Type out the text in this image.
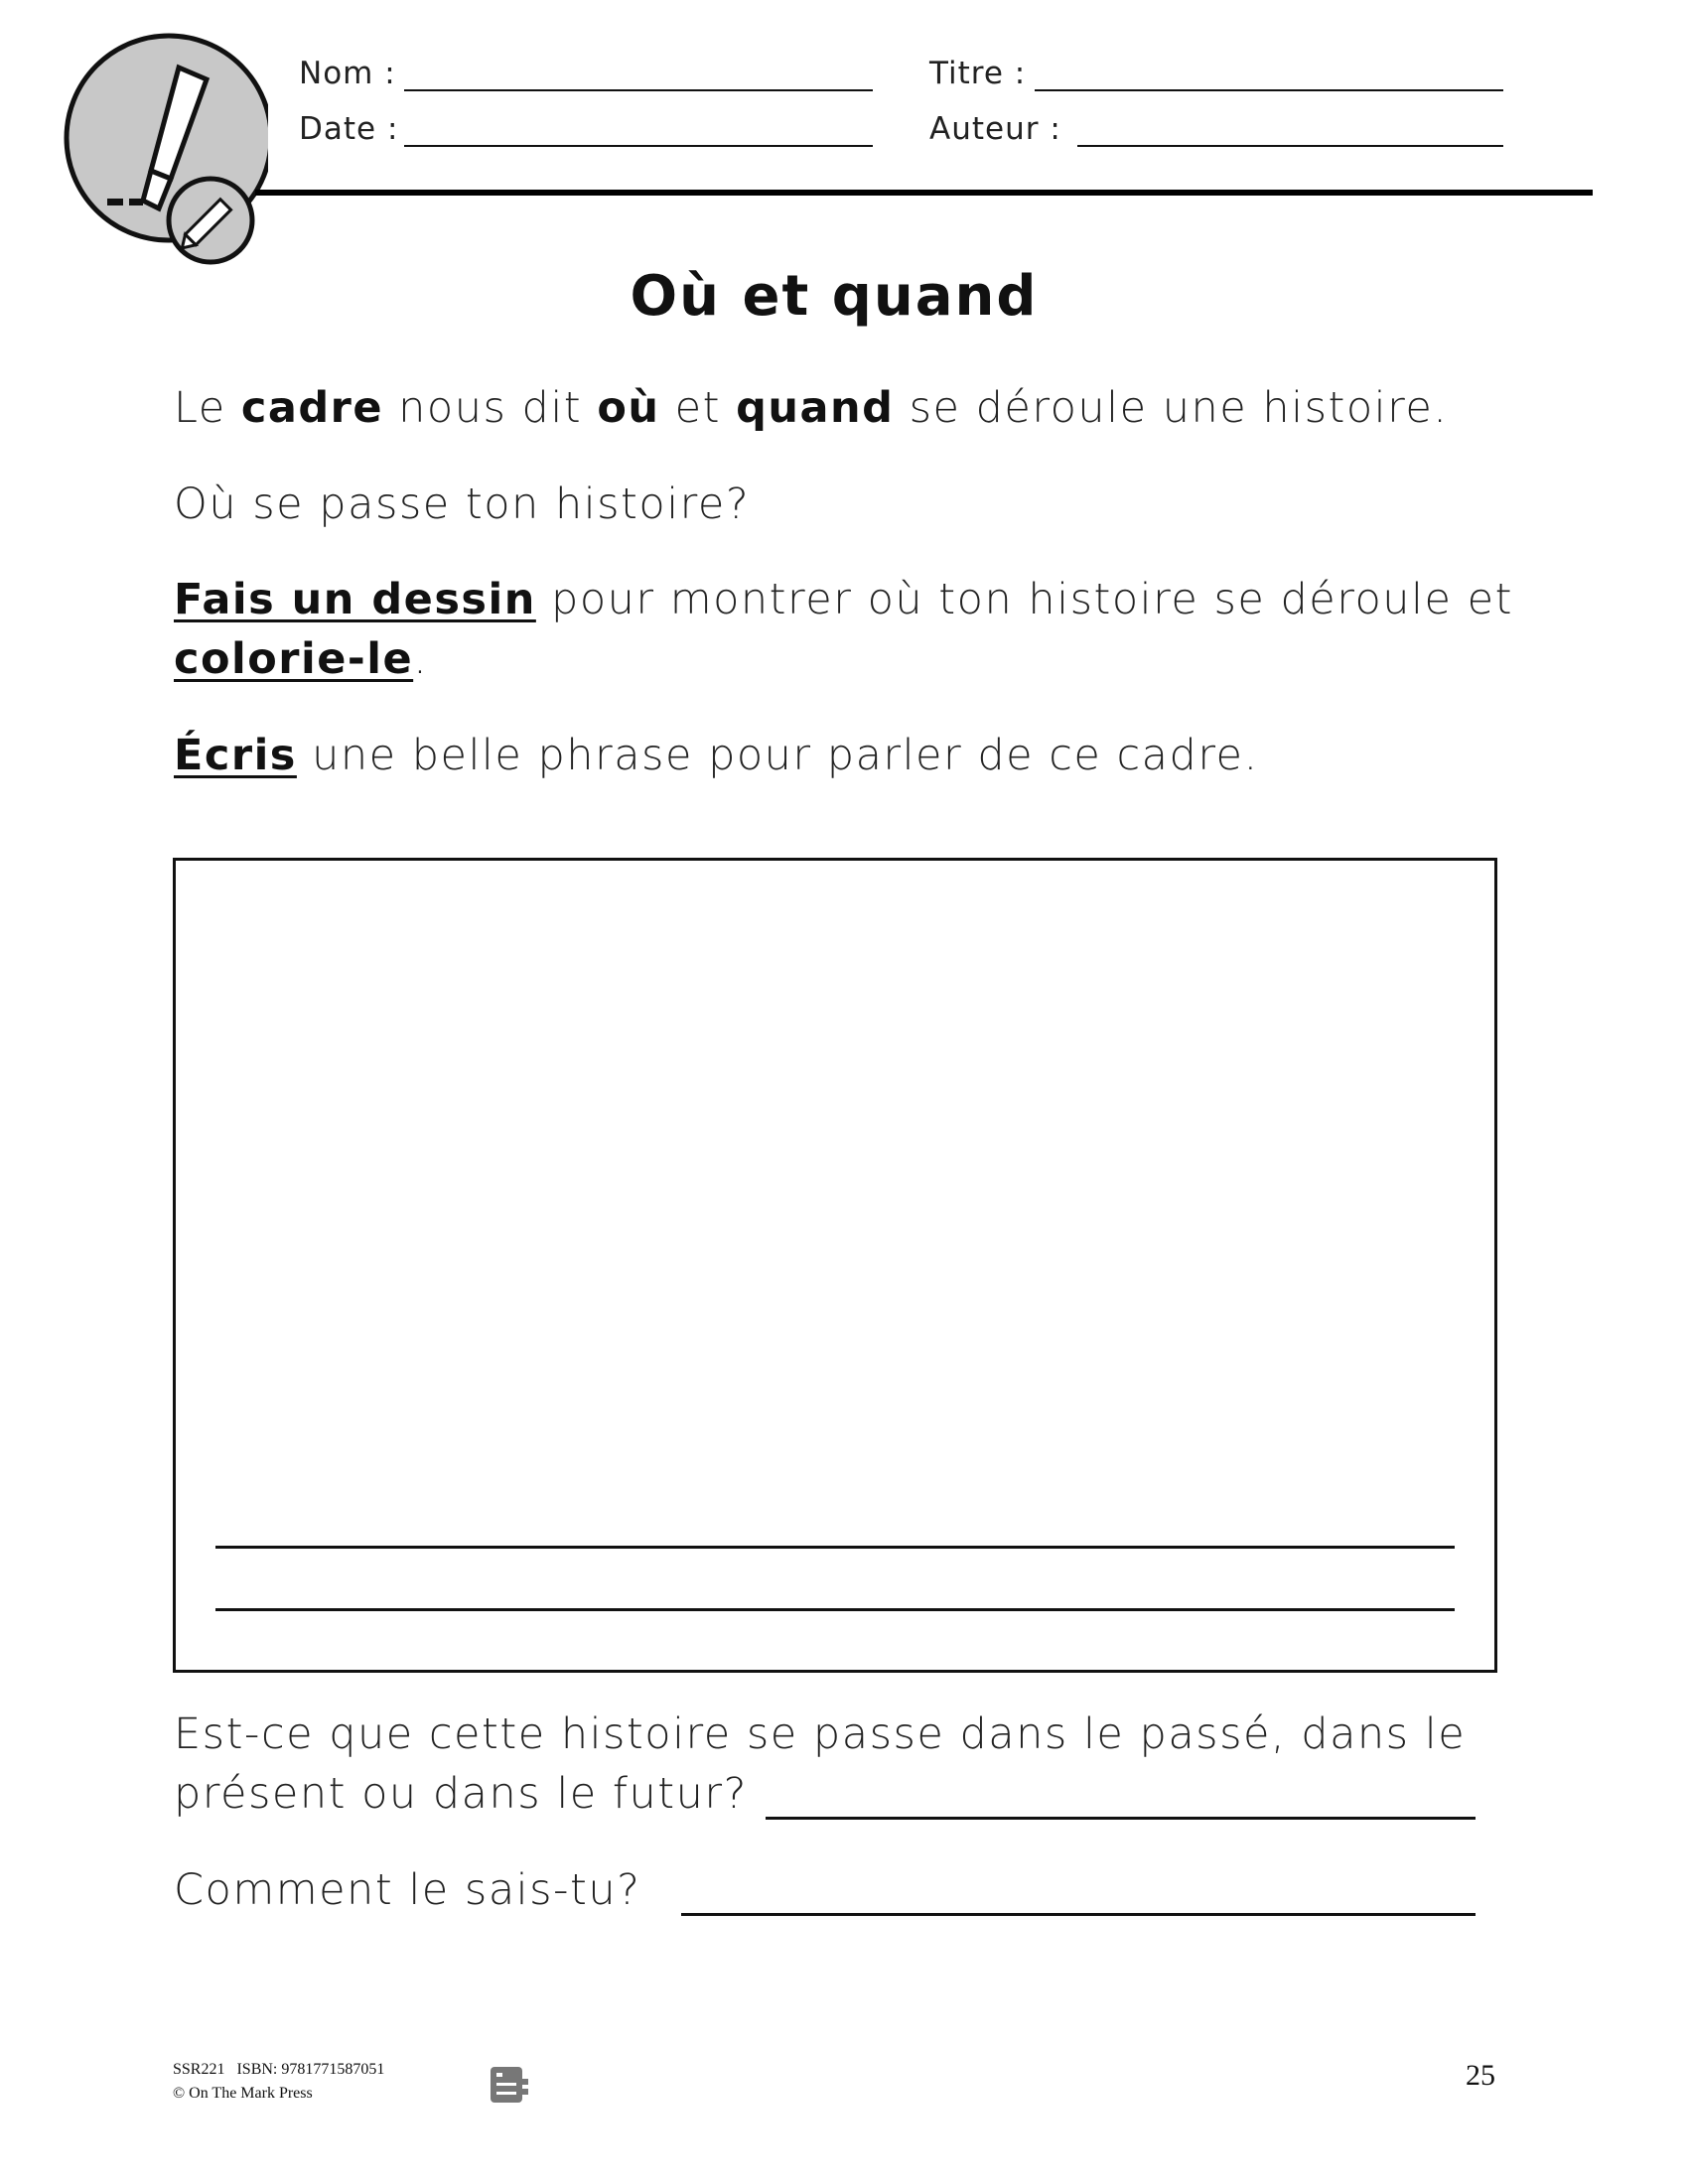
Nom :
Date :
Titre :
Auteur :
Où et quand
Le cadre nous dit où et quand se déroule une histoire.
Où se passe ton histoire?
Fais un dessin pour montrer où ton histoire se déroule et
colorie-le.
Écris une belle phrase pour parler de ce cadre.
Est-ce que cette histoire se passe dans le passé, dans le
présent ou dans le futur?
Comment le sais-tu?
SSR221 ISBN: 9781771587051
© On The Mark Press
25
